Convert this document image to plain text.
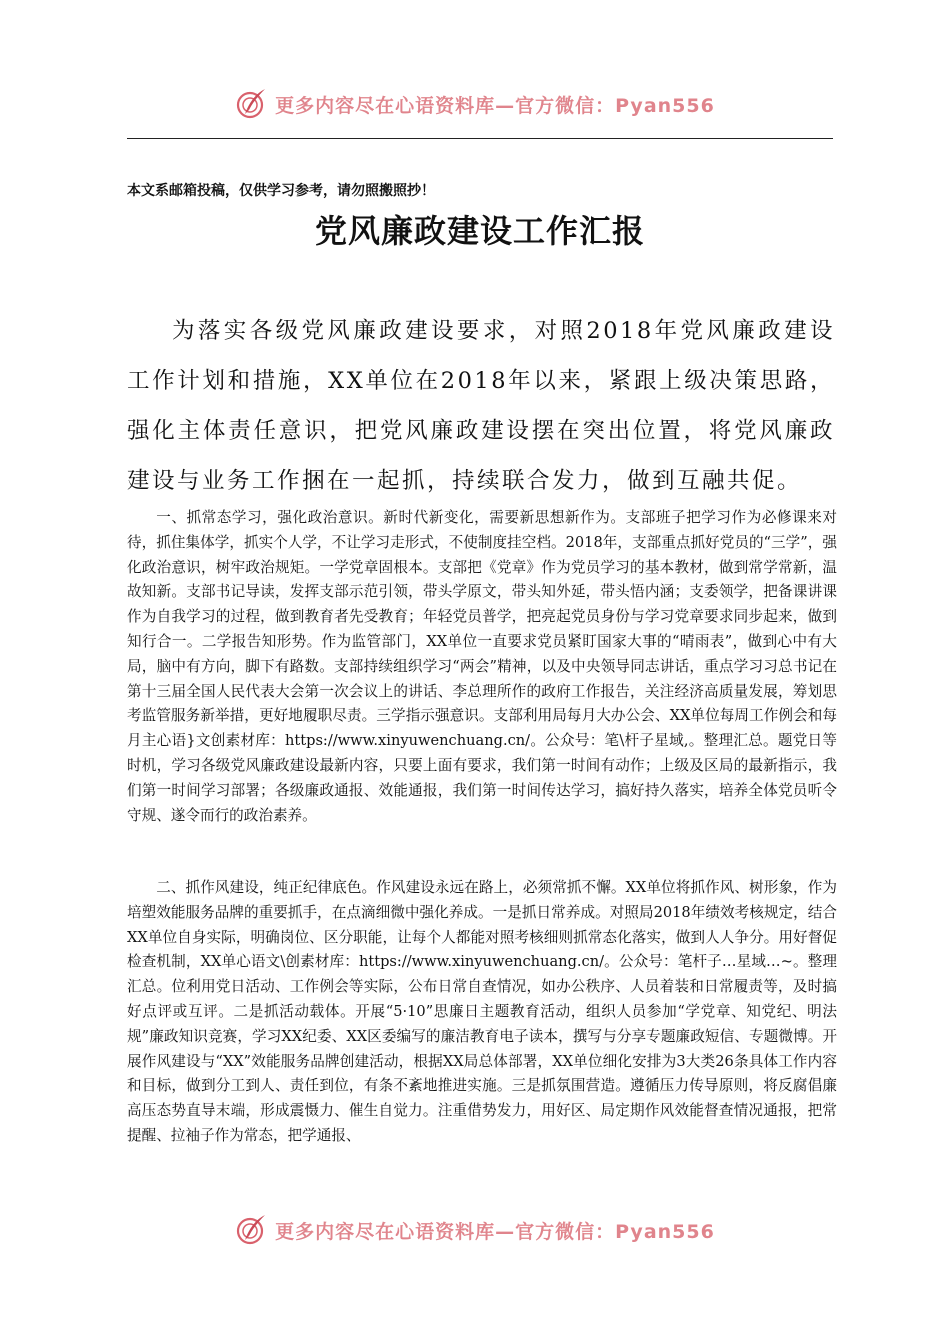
更多内容尽在心语资料库—官方微信：Pyan556
本文系邮箱投稿，仅供学习参考，请勿照搬照抄！
党风廉政建设工作汇报

为落实各级党风廉政建设要求，对照2018年党风廉政建设工作计划和措施，XX单位在2018年以来，紧跟上级决策思路，强化主体责任意识，把党风廉政建设摆在突出位置，将党风廉政建设与业务工作捆在一起抓，持续联合发力，做到互融共促。

一、抓常态学习，强化政治意识。新时代新变化，需要新思想新作为。支部班子把学习作为必修课来对待，抓住集体学，抓实个人学，不让学习走形式，不使制度挂空档。2018年，支部重点抓好党员的“三学”，强化政治意识，树牢政治规矩。一学党章固根本。支部把《党章》作为党员学习的基本教材，做到常学常新，温故知新。支部书记导读，发挥支部示范引领，带头学原文，带头知外延，带头悟内涵；支委领学，把备课讲课作为自我学习的过程，做到教育者先受教育；年轻党员普学，把亮起党员身份与学习党章要求同步起来，做到知行合一。二学报告知形势。作为监管部门，XX单位一直要求党员紧盯国家大事的“晴雨表”，做到心中有大局，脑中有方向，脚下有路数。支部持续组织学习“两会”精神，以及中央领导同志讲话，重点学习习总书记在第十三届全国人民代表大会第一次会议上的讲话、李总理所作的政府工作报告，关注经济高质量发展，筹划思考监管服务新举措，更好地履职尽责。三学指示强意识。支部利用局每月大办公会、XX单位每周工作例会和每月主心语}文创素材库：https://www.xinyuwenchuang.cn/。公众号：笔\杆子星域,。整理汇总。题党日等时机，学习各级党风廉政建设最新内容，只要上面有要求，我们第一时间有动作；上级及区局的最新指示，我们第一时间学习部署；各级廉政通报、效能通报，我们第一时间传达学习，搞好持久落实，培养全体党员听令守规、遂令而行的政治素养。

二、抓作风建设，纯正纪律底色。作风建设永远在路上，必须常抓不懈。XX单位将抓作风、树形象，作为培塑效能服务品牌的重要抓手，在点滴细微中强化养成。一是抓日常养成。对照局2018年绩效考核规定，结合XX单位自身实际，明确岗位、区分职能，让每个人都能对照考核细则抓常态化落实，做到人人争分。用好督促检查机制，XX单心语文\创素材库：https://www.xinyuwenchuang.cn/。公众号：笔杆子…星域…~。整理汇总。位利用党日活动、工作例会等实际，公布日常自查情况，如办公秩序、人员着装和日常履责等，及时搞好点评或互评。二是抓活动载体。开展“5·10”思廉日主题教育活动，组织人员参加“学党章、知党纪、明法规”廉政知识竞赛，学习XX纪委、XX区委编写的廉洁教育电子读本，撰写与分享专题廉政短信、专题微博。开展作风建设与“XX”效能服务品牌创建活动，根据XX局总体部署，XX单位细化安排为3大类26条具体工作内容和目标，做到分工到人、责任到位，有条不紊地推进实施。三是抓氛围营造。遵循压力传导原则，将反腐倡廉高压态势直导末端，形成震慑力、催生自觉力。注重借势发力，用好区、局定期作风效能督查情况通报，把常提醒、拉袖子作为常态，把学通报、

更多内容尽在心语资料库—官方微信：Pyan556
